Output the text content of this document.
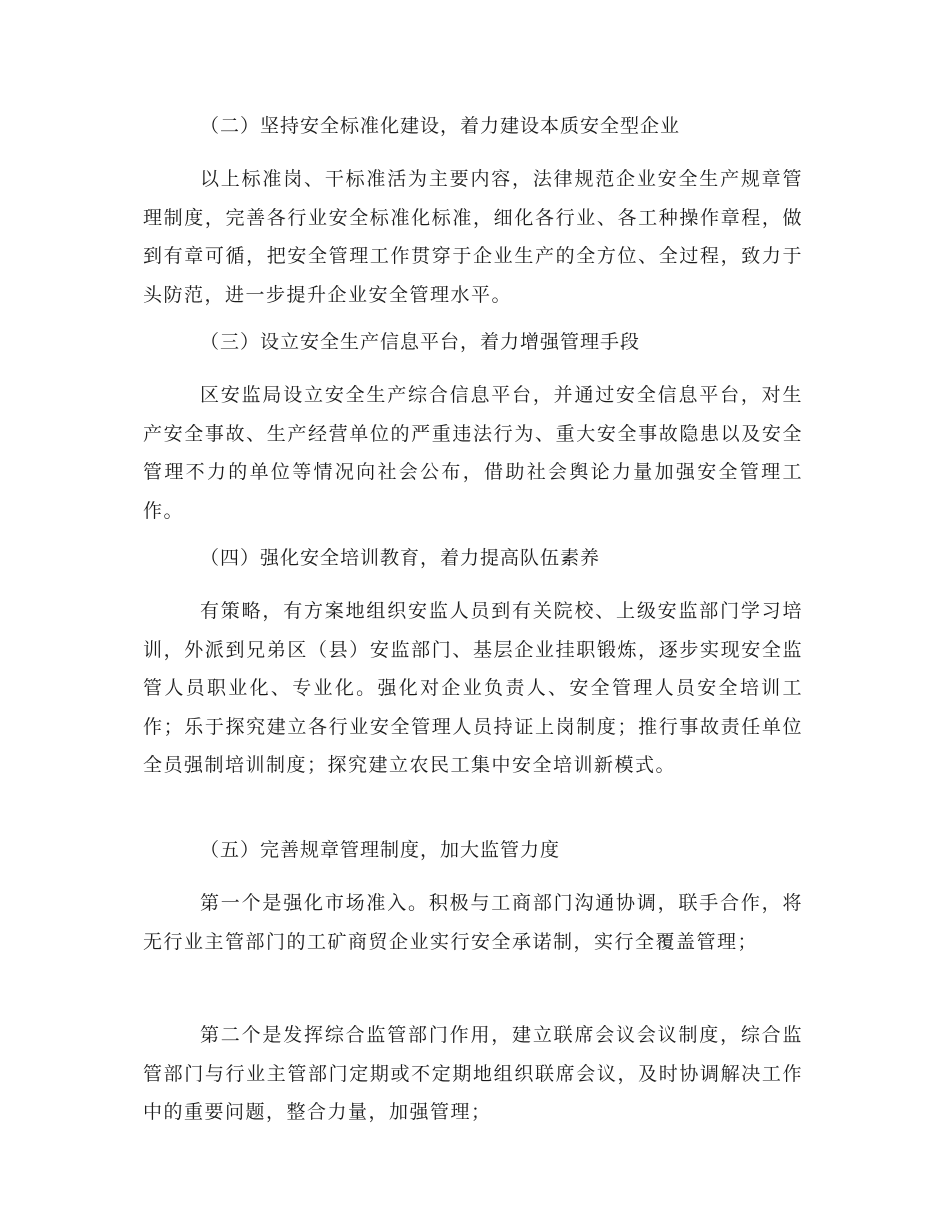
（二）坚持安全标准化建设，着力建设本质安全型企业
以上标准岗、干标准活为主要内容，法律规范企业安全生产规章管理制度，完善各行业安全标准化标准，细化各行业、各工种操作章程，做到有章可循，把安全管理工作贯穿于企业生产的全方位、全过程，致力于头防范，进一步提升企业安全管理水平。
（三）设立安全生产信息平台，着力增强管理手段
区安监局设立安全生产综合信息平台，并通过安全信息平台，对生产安全事故、生产经营单位的严重违法行为、重大安全事故隐患以及安全管理不力的单位等情况向社会公布，借助社会舆论力量加强安全管理工作。
（四）强化安全培训教育，着力提高队伍素养
有策略，有方案地组织安监人员到有关院校、上级安监部门学习培训，外派到兄弟区（县）安监部门、基层企业挂职锻炼，逐步实现安全监管人员职业化、专业化。强化对企业负责人、安全管理人员安全培训工作；乐于探究建立各行业安全管理人员持证上岗制度；推行事故责任单位全员强制培训制度；探究建立农民工集中安全培训新模式。
（五）完善规章管理制度，加大监管力度
第一个是强化市场准入。积极与工商部门沟通协调，联手合作，将无行业主管部门的工矿商贸企业实行安全承诺制，实行全覆盖管理；
第二个是发挥综合监管部门作用，建立联席会议会议制度，综合监管部门与行业主管部门定期或不定期地组织联席会议，及时协调解决工作中的重要问题，整合力量，加强管理；
